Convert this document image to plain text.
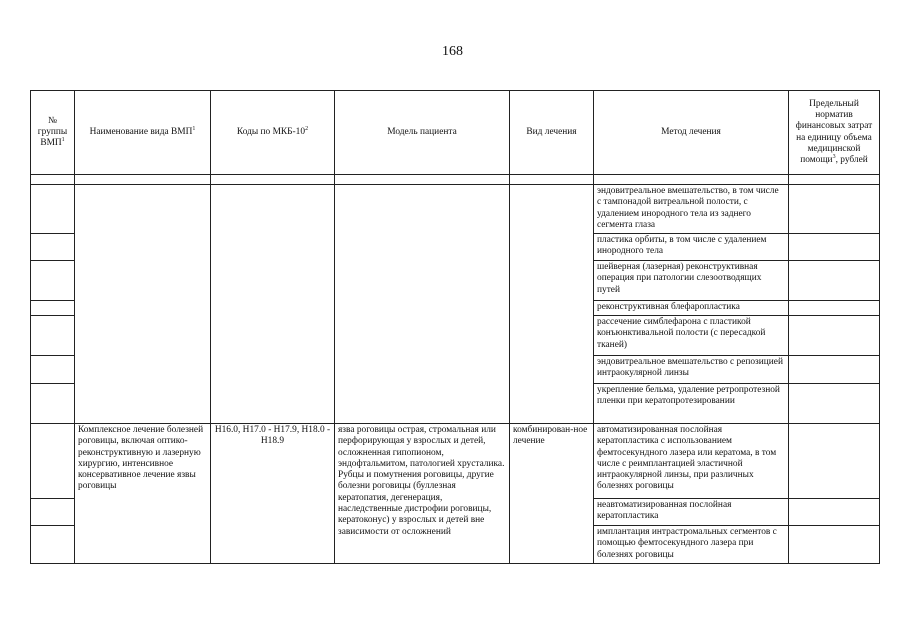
168
№ группы ВМП$^1$	Наименование вида ВМП$^1$	Коды по МКБ-$10^2$	Модель пациента	Вид лечения	Метод лечения	Предельный норматив финансовых затрат на единицу объема медицинской помощи$^3$, рублей

					эндовитреальное вмешательство, в том числе с тампонадой витреальной полости, с удалением инородного тела из заднего сегмента глаза	
					пластика орбиты, в том числе с удалением инородного тела	
					шейверная (лазерная) реконструктивная операция при патологии слезоотводящих путей	
					реконструктивная блефаропластика	
					рассечение симблефарона с пластикой конъюнктивальной полости (с пересадкой тканей)	
					эндовитреальное вмешательство с репозицией интраокулярной линзы	
					укрепление бельма, удаление ретропротезной пленки при кератопротезировании	
	Комплексное лечение болезней роговицы, включая оптико-реконструктивную и лазерную хирургию, интенсивное консервативное лечение язвы роговицы	H16.0, H17.0 - H17.9, H18.0 - H18.9	язва роговицы острая, стромальная или перфорирующая у взрослых и детей, осложненная гипопионом, эндофтальмитом, патологией хрусталика. Рубцы и помутнения роговицы, другие болезни роговицы (буллезная кератопатия, дегенерация, наследственные дистрофии роговицы, кератоконус) у взрослых и детей вне зависимости от осложнений	комбинирован-ное лечение	автоматизированная послойная кератопластика с использованием фемтосекундного лазера или кератома, в том числе с реимплантацией эластичной интраокулярной линзы, при различных болезнях роговицы	
					неавтоматизированная послойная кератопластика	
					имплантация интрастромальных сегментов с помощью фемтосекундного лазера при болезнях роговицы	
